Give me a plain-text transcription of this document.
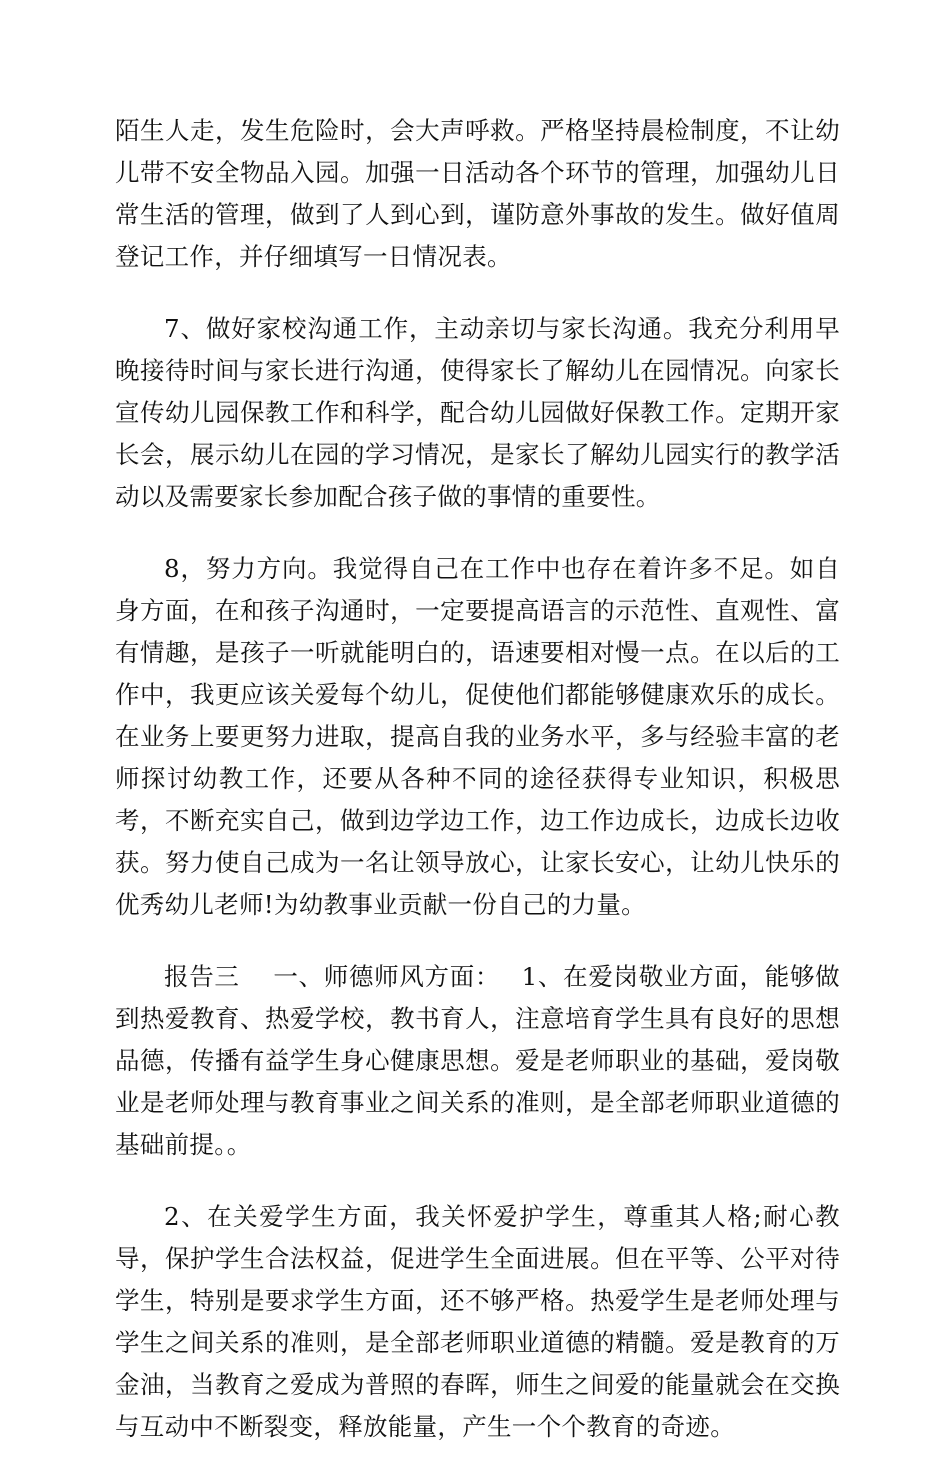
陌生人走，发生危险时，会大声呼救。严格坚持晨检制度，不让幼儿带不安全物品入园。加强一日活动各个环节的管理，加强幼儿日常生活的管理，做到了人到心到，谨防意外事故的发生。做好值周登记工作，并仔细填写一日情况表。

7、做好家校沟通工作，主动亲切与家长沟通。我充分利用早晚接待时间与家长进行沟通，使得家长了解幼儿在园情况。向家长宣传幼儿园保教工作和科学，配合幼儿园做好保教工作。定期开家长会，展示幼儿在园的学习情况，是家长了解幼儿园实行的教学活动以及需要家长参加配合孩子做的事情的重要性。

8，努力方向。我觉得自己在工作中也存在着许多不足。如自身方面，在和孩子沟通时，一定要提高语言的示范性、直观性、富有情趣，是孩子一听就能明白的，语速要相对慢一点。在以后的工作中，我更应该关爱每个幼儿，促使他们都能够健康欢乐的成长。在业务上要更努力进取，提高自我的业务水平，多与经验丰富的老师探讨幼教工作，还要从各种不同的途径获得专业知识，积极思考，不断充实自己，做到边学边工作，边工作边成长，边成长边收获。努力使自己成为一名让领导放心，让家长安心，让幼儿快乐的优秀幼儿老师!为幼教事业贡献一份自己的力量。

报告三　 一、师德师风方面：　 1、在爱岗敬业方面，能够做到热爱教育、热爱学校，教书育人，注意培育学生具有良好的思想品德，传播有益学生身心健康思想。爱是老师职业的基础，爱岗敬业是老师处理与教育事业之间关系的准则，是全部老师职业道德的基础前提。。

2、在关爱学生方面，我关怀爱护学生，尊重其人格;耐心教导，保护学生合法权益，促进学生全面进展。但在平等、公平对待学生，特别是要求学生方面，还不够严格。热爱学生是老师处理与学生之间关系的准则，是全部老师职业道德的精髓。爱是教育的万金油，当教育之爱成为普照的春晖，师生之间爱的能量就会在交换与互动中不断裂变，释放能量，产生一个个教育的奇迹。
